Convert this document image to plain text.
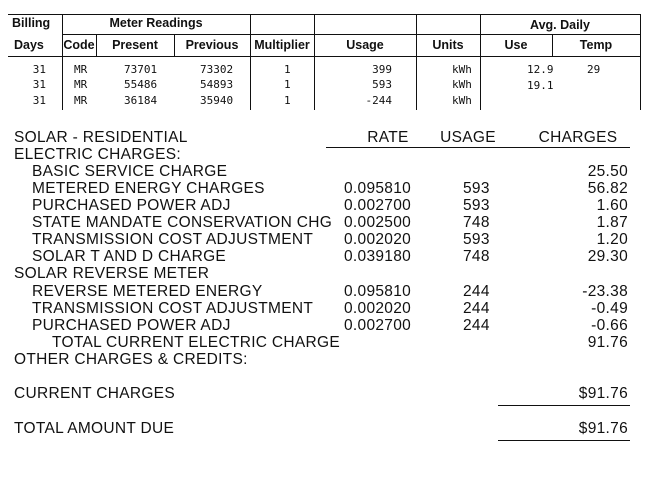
Billing	Meter Readings	Avg. Daily
Days Code	Present	Previous	Multiplier	Usage	Units	Use	Temp
31	MR	73701	73302	1	399	kWh	12.9	29
31	MR	55486	54893	1	593	kWh	19.1
31	MR	36184	35940	1	-244	kWh
SOLAR - RESIDENTIAL	RATE	USAGE	CHARGES
ELECTRIC CHARGES:
BASIC SERVICE CHARGE	25.50
METERED ENERGY CHARGES	0.095810	593	56.82
PURCHASED POWER ADJ	0.002700	593	1.60
STATE MANDATE CONSERVATION CHG 0.002500	748	1.87
TRANSMISSION COST ADJUSTMENT 0.002020	593	1.20
SOLAR T AND D CHARGE	0.039180	748	29.30
SOLAR REVERSE METER
REVERSE METERED ENERGY	0.095810	244	-23.38
TRANSMISSION COST ADJUSTMENT 0.002020	244	-0.49
PURCHASED POWER ADJ	0.002700	244	-0.66
TOTAL CURRENT ELECTRIC CHARGE	91.76
OTHER CHARGES & CREDITS:
CURRENT CHARGES	$91.76
TOTAL AMOUNT DUE	$91.76
